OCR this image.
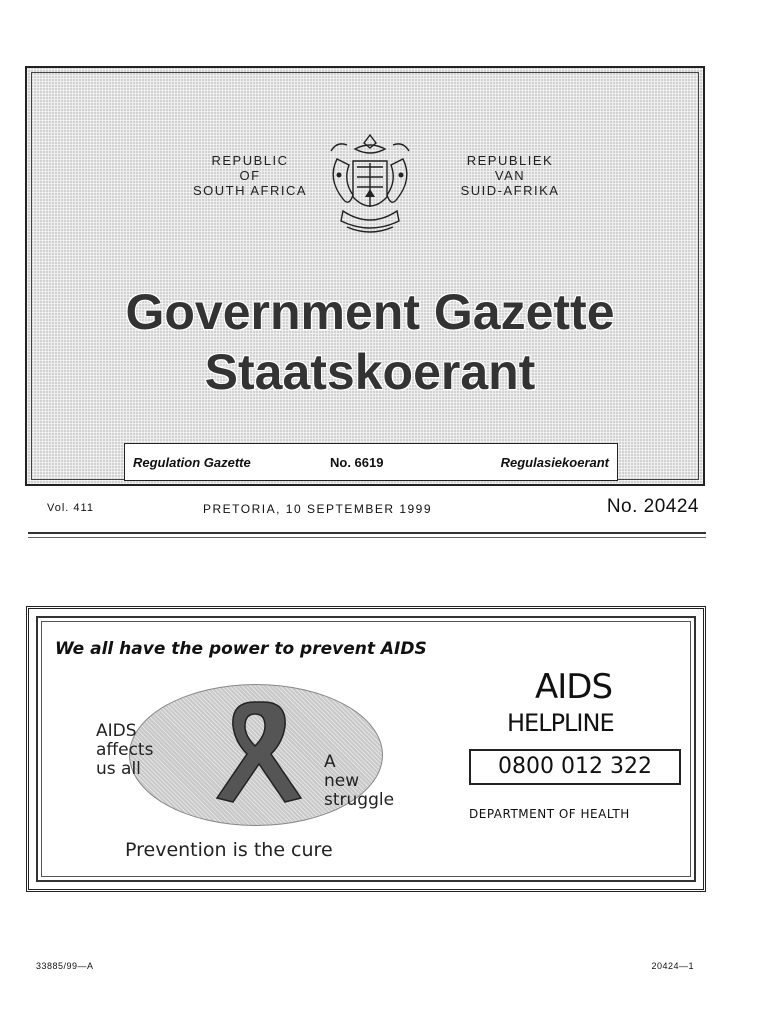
REPUBLIC
OF
SOUTH AFRICA
REPUBLIEK
VAN
SUID-AFRIKA
Government Gazette
Staatskoerant
Regulation Gazette	No. 6619	Regulasiekoerant
Vol. 411	PRETORIA, 10 SEPTEMBER 1999	No. 20424
We all have the power to prevent AIDS
AIDS
affects
us all	A
new
struggle
Prevention is the cure
AIDS
HELPLINE
0800 012 322
DEPARTMENT OF HEALTH
33885/99—A	20424—1
